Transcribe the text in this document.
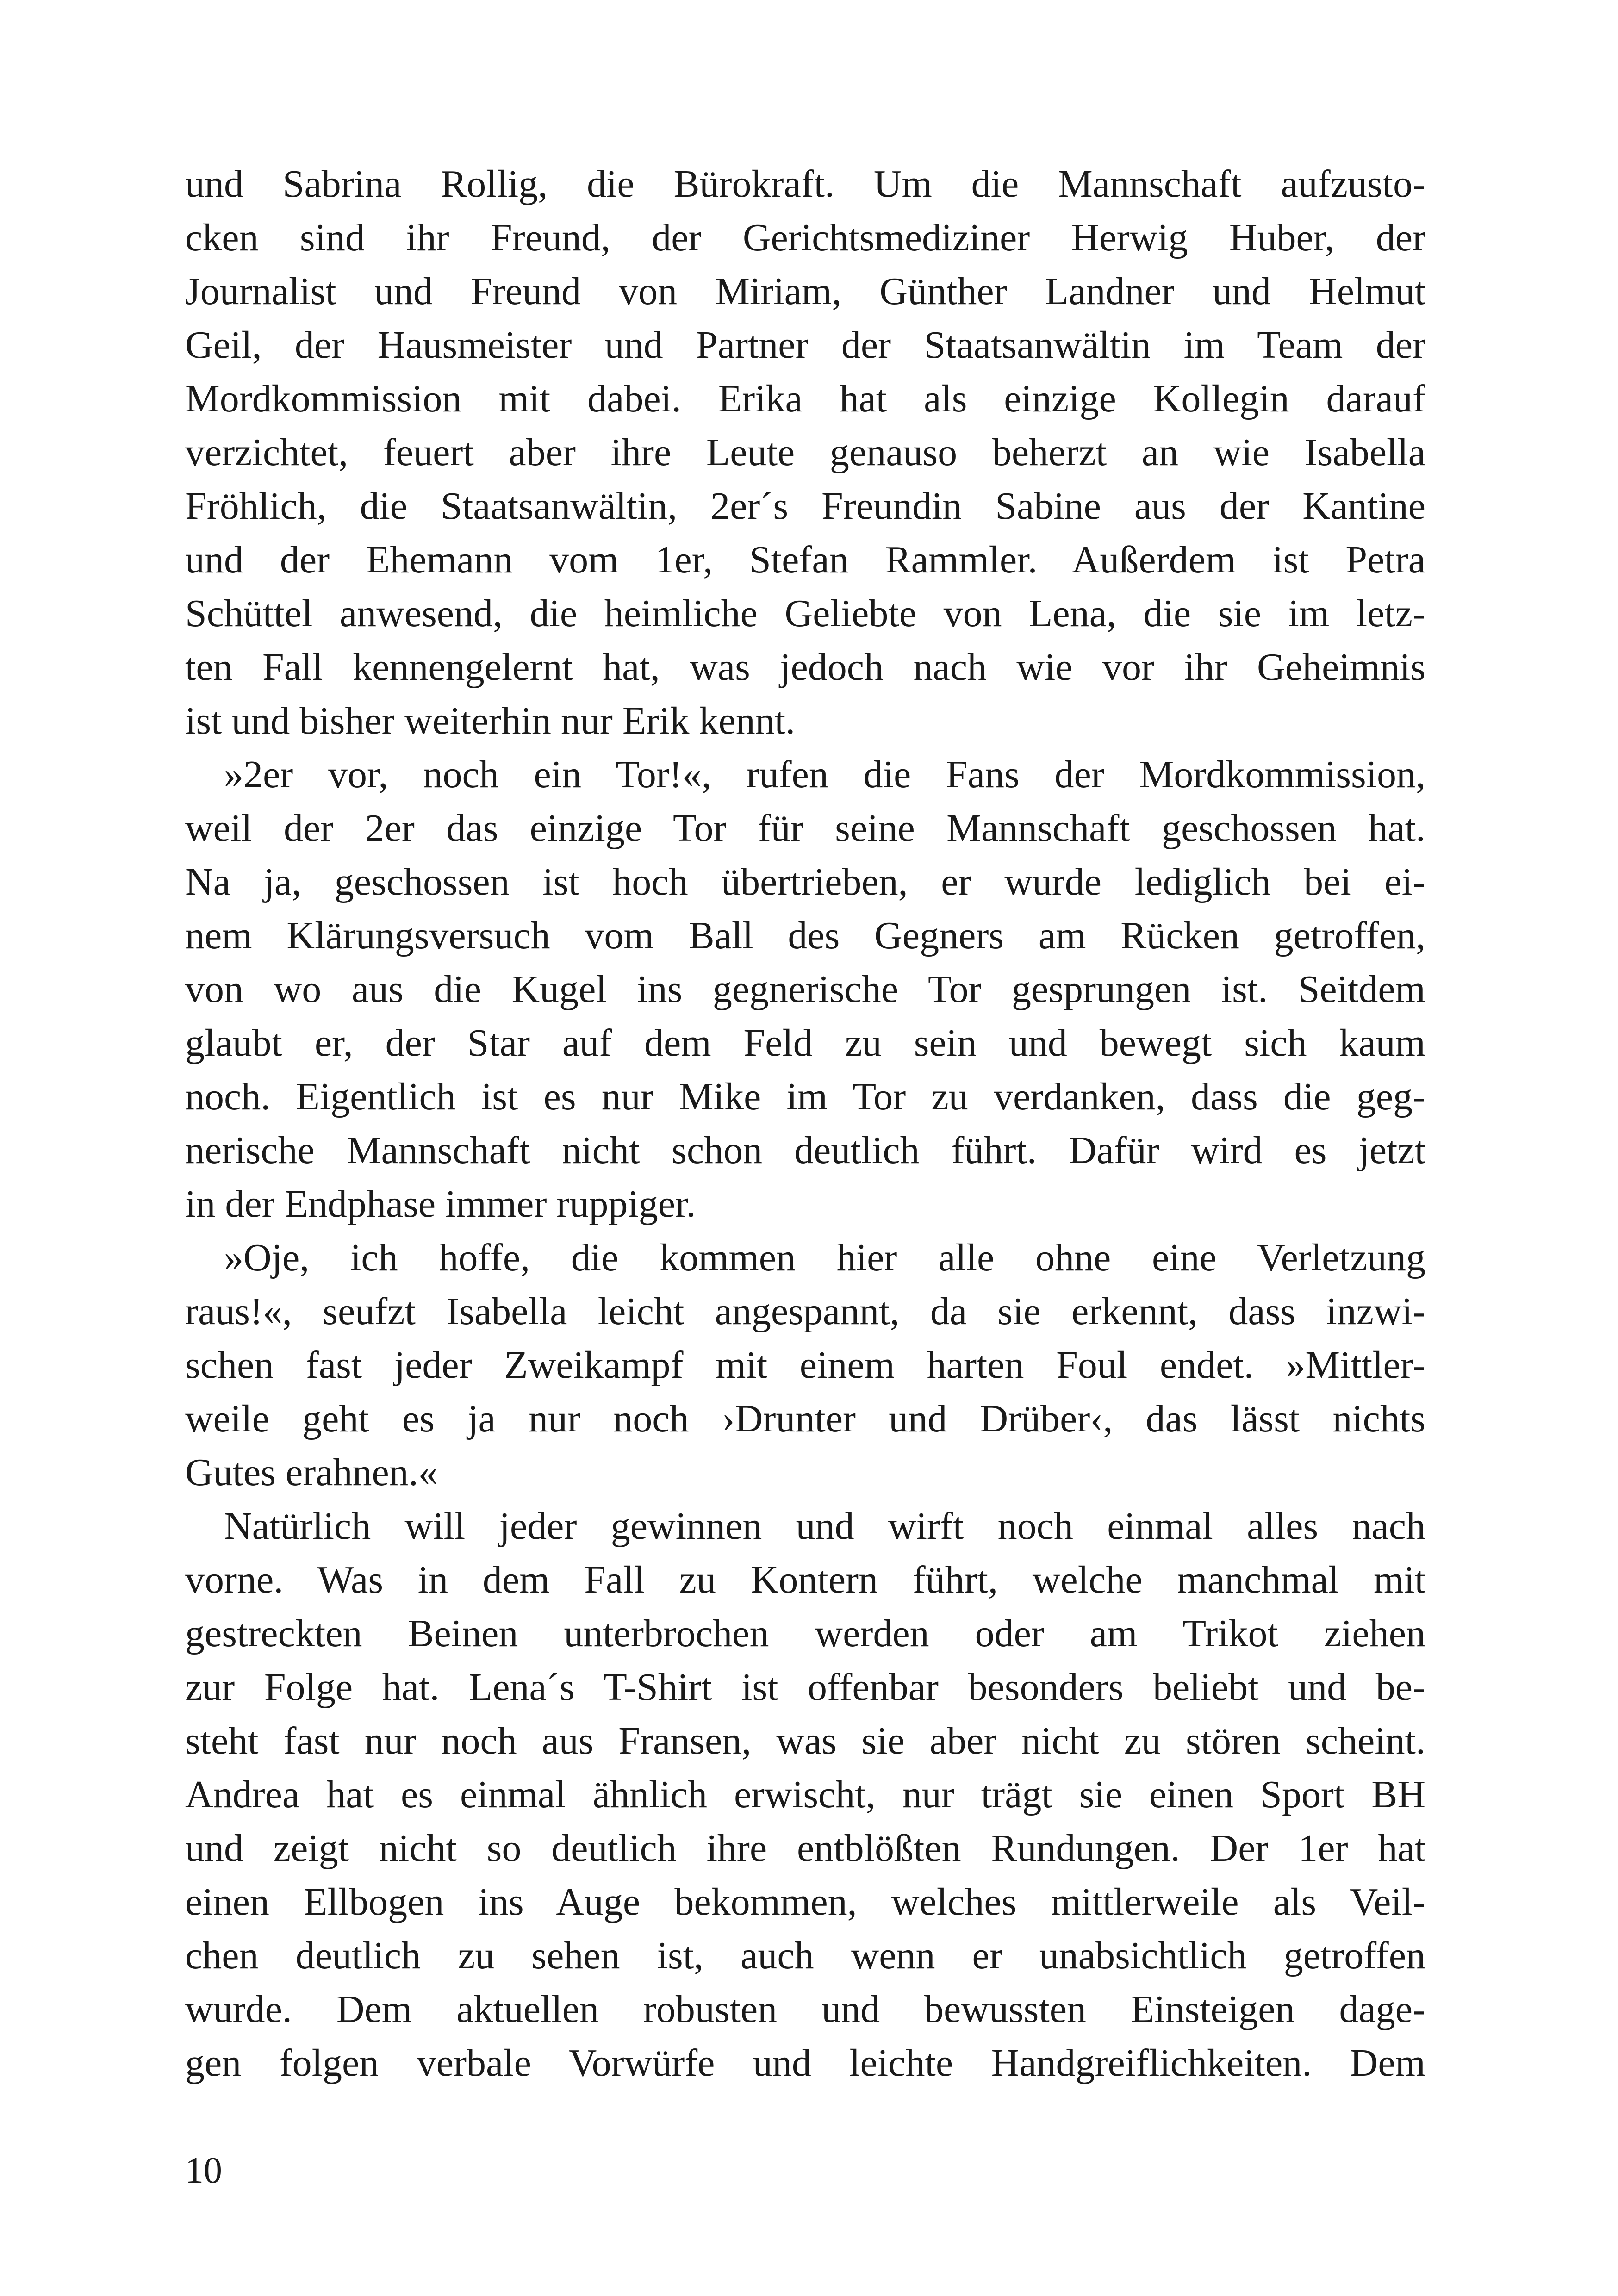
und Sabrina Rollig, die Bürokraft. Um die Mannschaft aufzusto-
cken sind ihr Freund, der Gerichtsmediziner Herwig Huber, der
Journalist und Freund von Miriam, Günther Landner und Helmut
Geil, der Hausmeister und Partner der Staatsanwältin im Team der
Mordkommission mit dabei. Erika hat als einzige Kollegin darauf
verzichtet, feuert aber ihre Leute genauso beherzt an wie Isabella
Fröhlich, die Staatsanwältin, 2er´s Freundin Sabine aus der Kantine
und der Ehemann vom 1er, Stefan Rammler. Außerdem ist Petra
Schüttel anwesend, die heimliche Geliebte von Lena, die sie im letz-
ten Fall kennengelernt hat, was jedoch nach wie vor ihr Geheimnis
ist und bisher weiterhin nur Erik kennt.
»2er vor, noch ein Tor!«, rufen die Fans der Mordkommission,
weil der 2er das einzige Tor für seine Mannschaft geschossen hat.
Na ja, geschossen ist hoch übertrieben, er wurde lediglich bei ei-
nem Klärungsversuch vom Ball des Gegners am Rücken getroffen,
von wo aus die Kugel ins gegnerische Tor gesprungen ist. Seitdem
glaubt er, der Star auf dem Feld zu sein und bewegt sich kaum
noch. Eigentlich ist es nur Mike im Tor zu verdanken, dass die geg-
nerische Mannschaft nicht schon deutlich führt. Dafür wird es jetzt
in der Endphase immer ruppiger.
»Oje, ich hoffe, die kommen hier alle ohne eine Verletzung
raus!«, seufzt Isabella leicht angespannt, da sie erkennt, dass inzwi-
schen fast jeder Zweikampf mit einem harten Foul endet. »Mittler-
weile geht es ja nur noch ›Drunter und Drüber‹, das lässt nichts
Gutes erahnen.«
Natürlich will jeder gewinnen und wirft noch einmal alles nach
vorne. Was in dem Fall zu Kontern führt, welche manchmal mit
gestreckten Beinen unterbrochen werden oder am Trikot ziehen
zur Folge hat. Lena´s T-Shirt ist offenbar besonders beliebt und be-
steht fast nur noch aus Fransen, was sie aber nicht zu stören scheint.
Andrea hat es einmal ähnlich erwischt, nur trägt sie einen Sport BH
und zeigt nicht so deutlich ihre entblößten Rundungen. Der 1er hat
einen Ellbogen ins Auge bekommen, welches mittlerweile als Veil-
chen deutlich zu sehen ist, auch wenn er unabsichtlich getroffen
wurde. Dem aktuellen robusten und bewussten Einsteigen dage-
gen folgen verbale Vorwürfe und leichte Handgreiflichkeiten. Dem
10
